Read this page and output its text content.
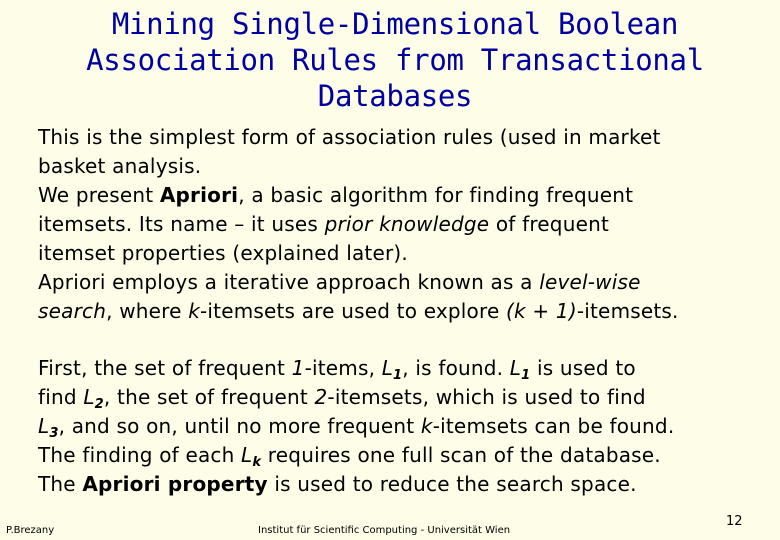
Mining Single-Dimensional Boolean
Association Rules from Transactional
Databases
This is the simplest form of association rules (used in market
basket analysis.
We present Apriori, a basic algorithm for finding frequent
itemsets. Its name – it uses prior knowledge of frequent
itemset properties (explained later).
Apriori employs a iterative approach known as a level-wise
search, where k-itemsets are used to explore (k + 1)-itemsets.
First, the set of frequent 1-items, $L_1$, is found. $L_1$ is used to
find $L_2$, the set of frequent 2-itemsets, which is used to find
$L_3$, and so on, until no more frequent k-itemsets can be found.
The finding of each $L_k$ requires one full scan of the database.
The Apriori property is used to reduce the search space.
P.Brezany	Institut für Scientific Computing - Universität Wien
12
